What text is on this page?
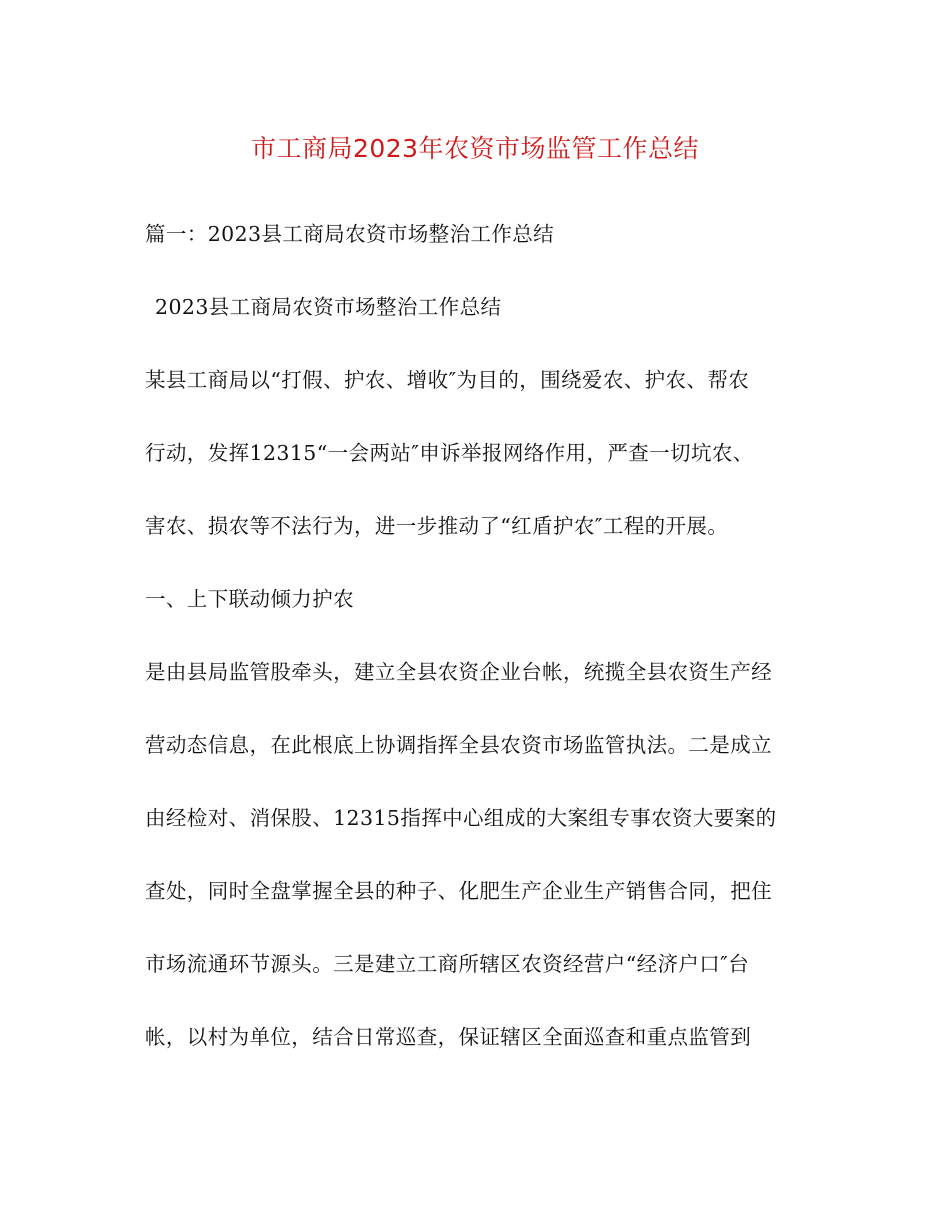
市工商局2023年农资市场监管工作总结
篇一：2023县工商局农资市场整治工作总结
2023县工商局农资市场整治工作总结
某县工商局以“打假、护农、增收″为目的，围绕爱农、护农、帮农
行动，发挥12315“一会两站″申诉举报网络作用，严查一切坑农、
害农、损农等不法行为，进一步推动了“红盾护农″工程的开展。
一、上下联动倾力护农
是由县局监管股牵头，建立全县农资企业台帐，统揽全县农资生产经
营动态信息，在此根底上协调指挥全县农资市场监管执法。二是成立
由经检对、消保股、12315指挥中心组成的大案组专事农资大要案的
查处，同时全盘掌握全县的种子、化肥生产企业生产销售合同，把住
市场流通环节源头。三是建立工商所辖区农资经营户“经济户口″台
帐，以村为单位，结合日常巡查，保证辖区全面巡查和重点监管到
